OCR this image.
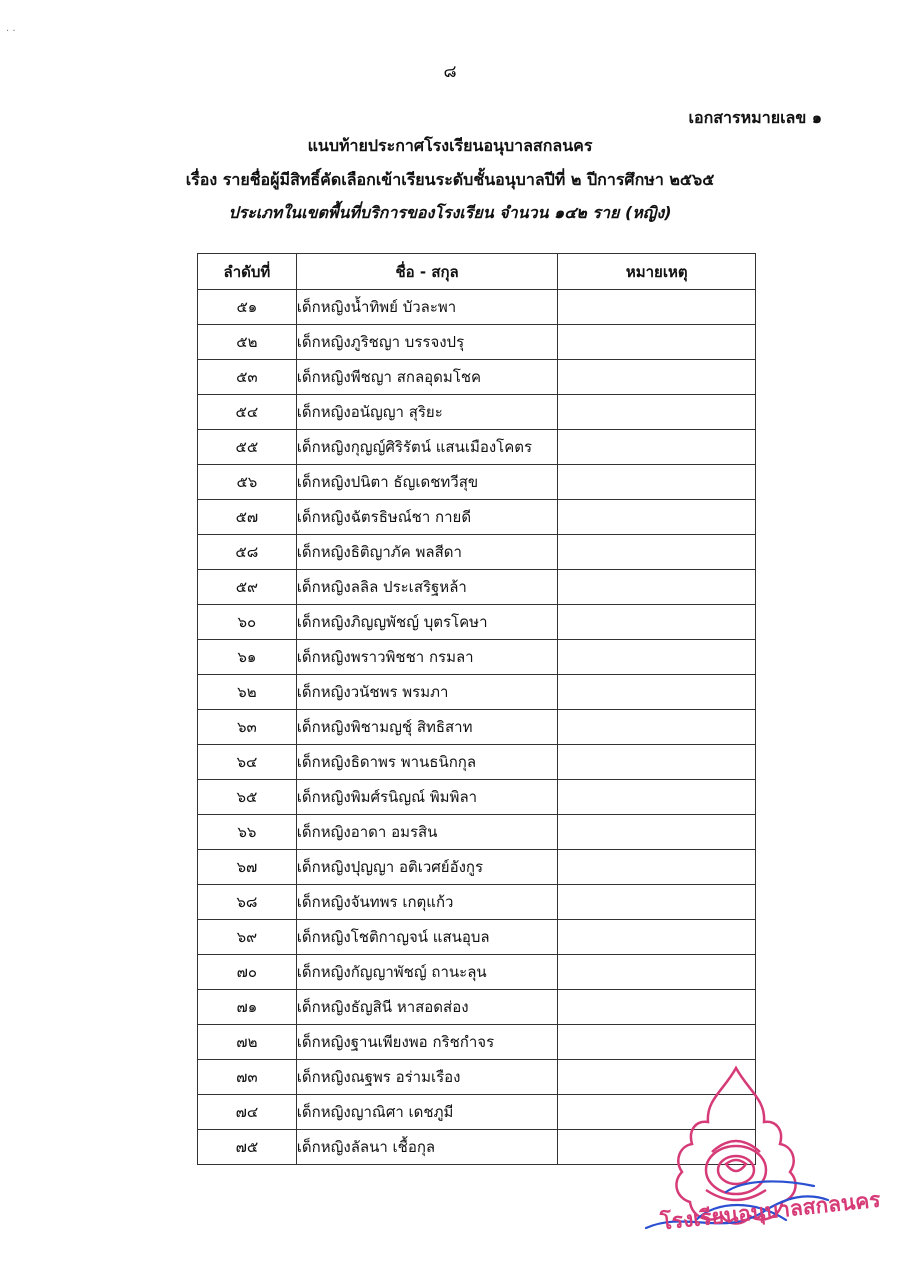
· ·
๘
เอกสารหมายเลข ๑
แนบท้ายประกาศโรงเรียนอนุบาลสกลนคร
เรื่อง รายชื่อผู้มีสิทธิ์คัดเลือกเข้าเรียนระดับชั้นอนุบาลปีที่ ๒ ปีการศึกษา ๒๕๖๕
ประเภทในเขตพื้นที่บริการของโรงเรียน จำนวน ๑๔๒ ราย (หญิง)
ลำดับที่	ชื่อ - สกุล	หมายเหตุ
๕๑	เด็กหญิงน้ำทิพย์ บัวละพา	
๕๒	เด็กหญิงภูริชญา บรรจงปรุ	
๕๓	เด็กหญิงพีชญา สกลอุดมโชค	
๕๔	เด็กหญิงอนัญญา สุริยะ	
๕๕	เด็กหญิงกุญญ์ศิริรัตน์ แสนเมืองโคตร	
๕๖	เด็กหญิงปนิตา ธัญเดชทวีสุข	
๕๗	เด็กหญิงฉัตรธิษณ์ชา กายดี	
๕๘	เด็กหญิงธิติญาภัค พลสีดา	
๕๙	เด็กหญิงลลิล ประเสริฐหล้า	
๖๐	เด็กหญิงภิญญพัชญ์ บุตรโคษา	
๖๑	เด็กหญิงพราวพิชชา กรมลา	
๖๒	เด็กหญิงวนัชพร พรมภา	
๖๓	เด็กหญิงพิชามญชุ์ สิทธิสาท	
๖๔	เด็กหญิงธิดาพร พานธนิกกุล	
๖๕	เด็กหญิงพิมศ์รนิญณ์ พิมพิลา	
๖๖	เด็กหญิงอาดา อมรสิน	
๖๗	เด็กหญิงปุญญา อติเวศย์อังกูร	
๖๘	เด็กหญิงจันทพร เกตุแก้ว	
๖๙	เด็กหญิงโชติกาญจน์ แสนอุบล	
๗๐	เด็กหญิงกัญญาพัชญ์ ถานะลุน	
๗๑	เด็กหญิงธัญสินี หาสอดส่อง	
๗๒	เด็กหญิงฐานเพียงพอ กริชกำจร	
๗๓	เด็กหญิงณฐพร อร่ามเรือง	
๗๔	เด็กหญิงญาณิศา เดชภูมี	
๗๕	เด็กหญิงลัลนา เชื้อกุล	
โรงเรียนอนุบาลสกลนคร
